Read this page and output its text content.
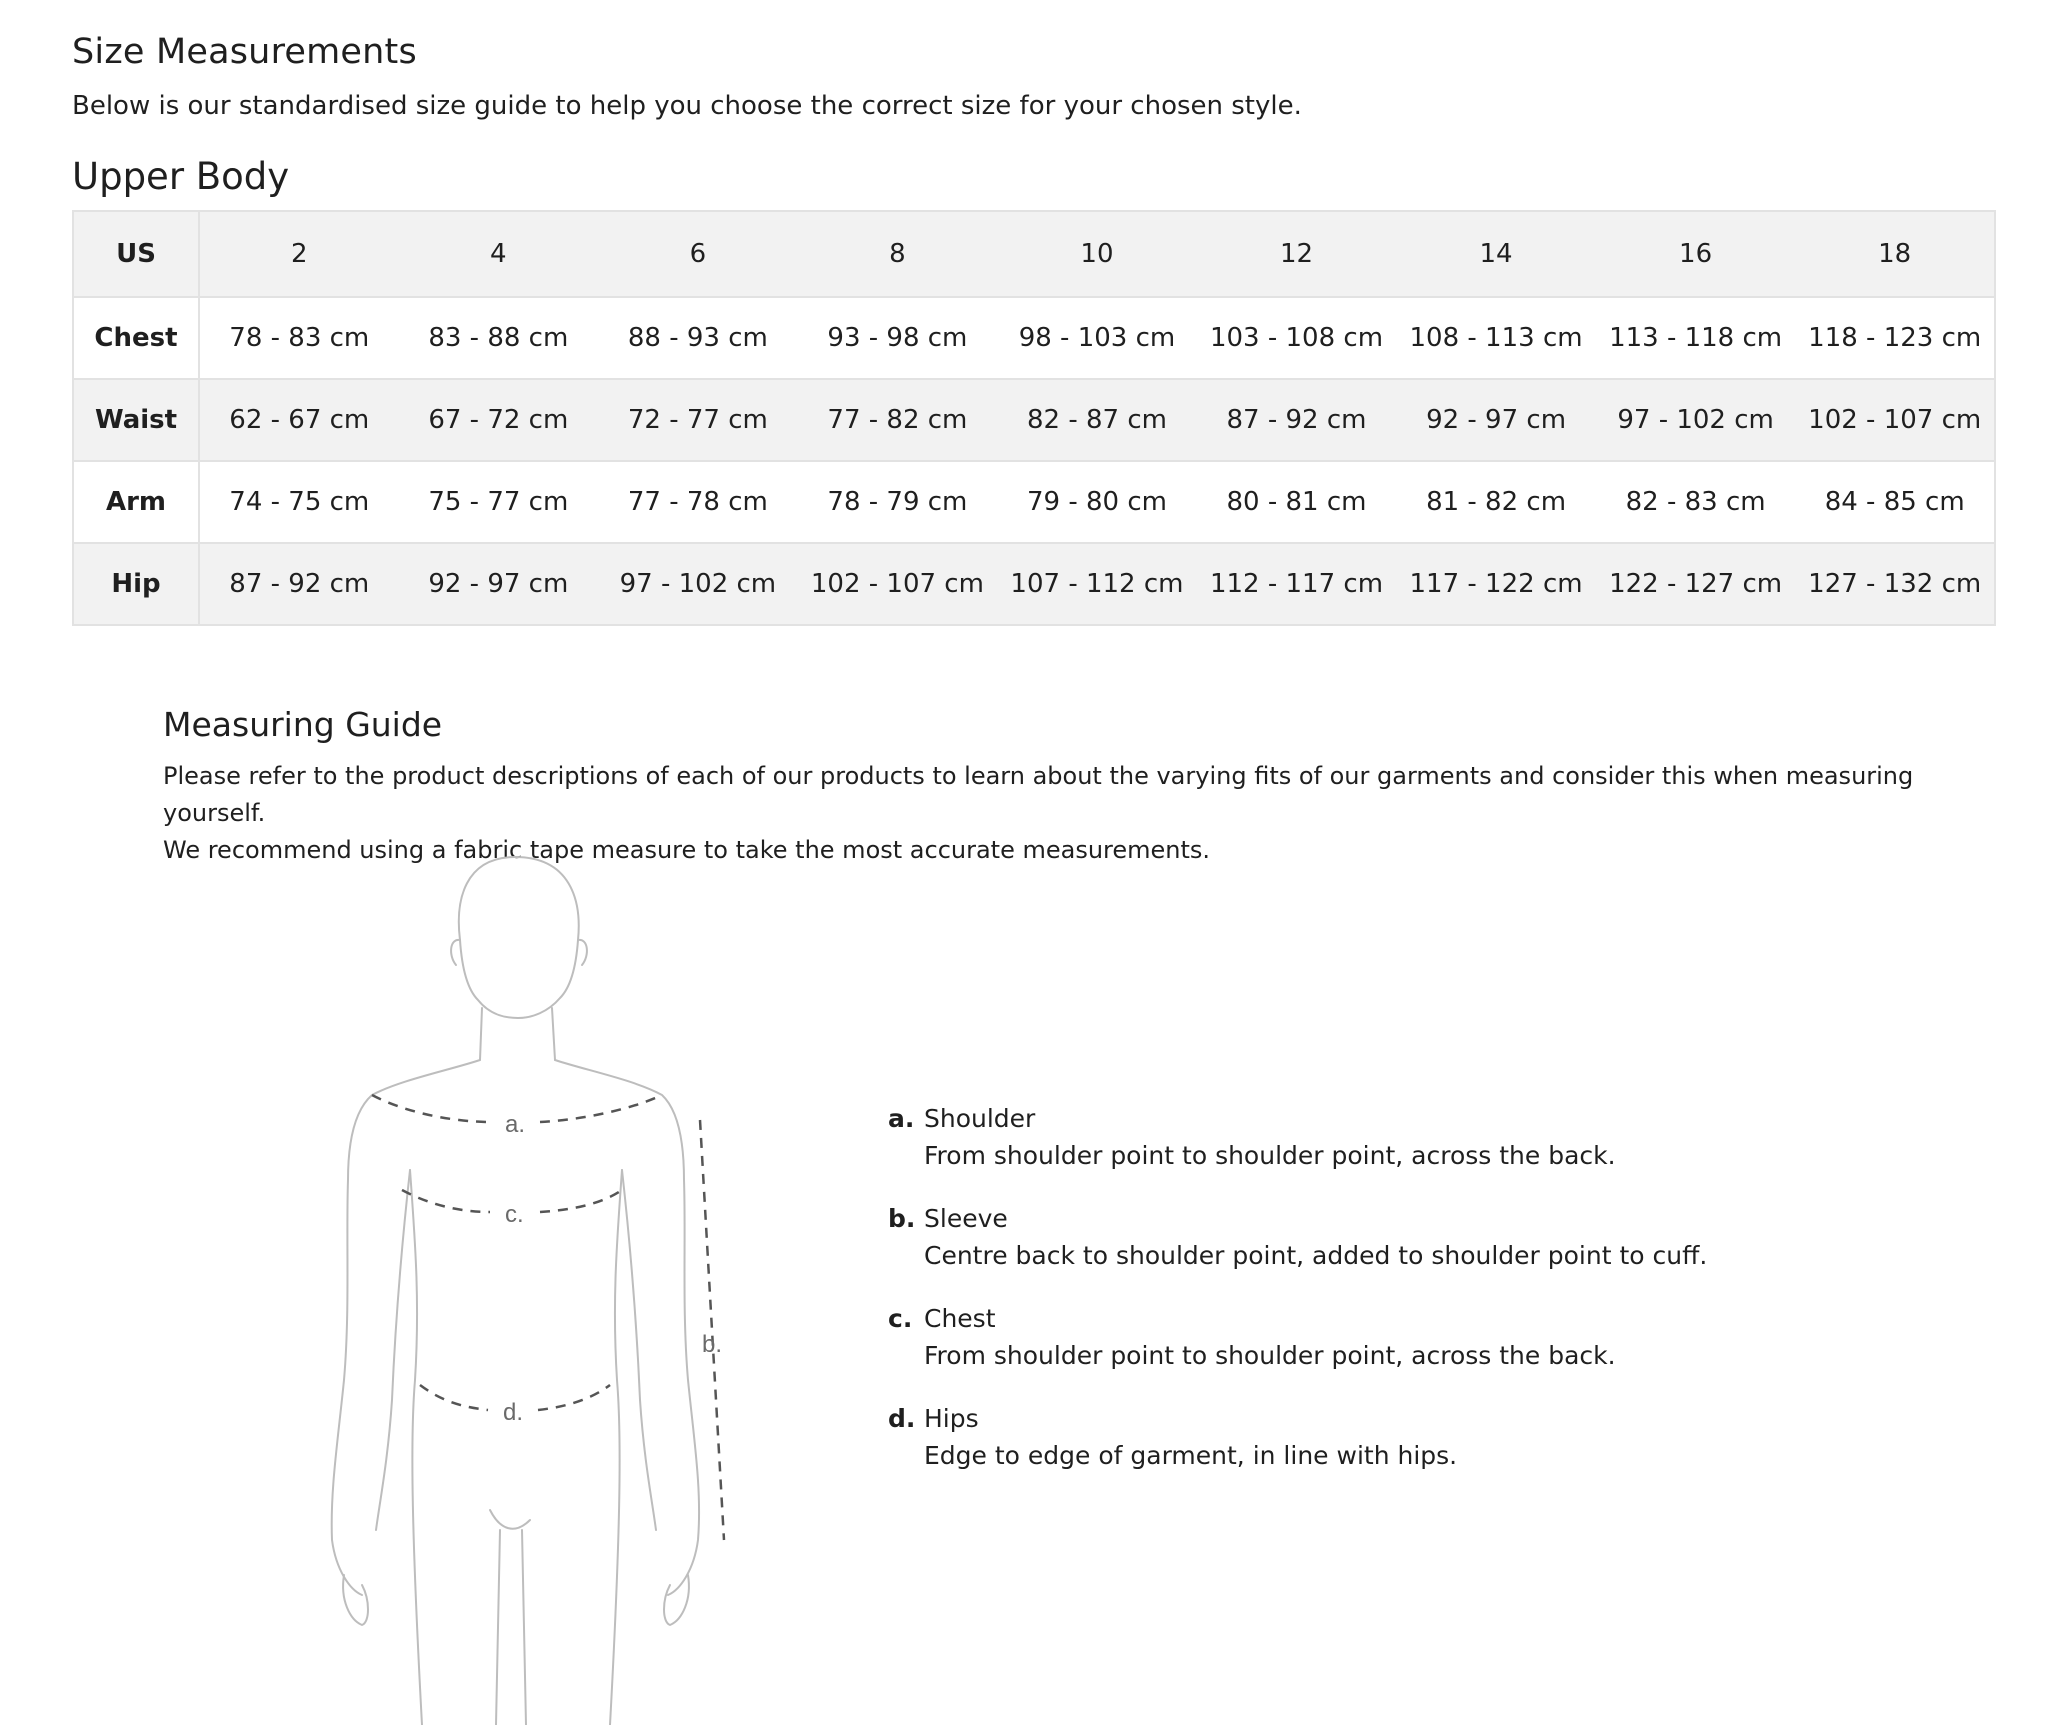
Size Measurements

Below is our standardised size guide to help you choose the correct size for your chosen style.

Upper Body
US	2	4	6	8	10	12	14	16	18
Chest	78 - 83 cm	83 - 88 cm	88 - 93 cm	93 - 98 cm	98 - 103 cm	103 - 108 cm	108 - 113 cm	113 - 118 cm	118 - 123 cm
Waist	62 - 67 cm	67 - 72 cm	72 - 77 cm	77 - 82 cm	82 - 87 cm	87 - 92 cm	92 - 97 cm	97 - 102 cm	102 - 107 cm
Arm	74 - 75 cm	75 - 77 cm	77 - 78 cm	78 - 79 cm	79 - 80 cm	80 - 81 cm	81 - 82 cm	82 - 83 cm	84 - 85 cm
Hip	87 - 92 cm	92 - 97 cm	97 - 102 cm	102 - 107 cm	107 - 112 cm	112 - 117 cm	117 - 122 cm	122 - 127 cm	127 - 132 cm
Measuring Guide

Please refer to the product descriptions of each of our products to learn about the varying fits of our garments and consider this when measuring yourself.

We recommend using a fabric tape measure to take the most accurate measurements.

a.
c.
d.
b.
a. Shoulder
From shoulder point to shoulder point, across the back.
b. Sleeve
Centre back to shoulder point, added to shoulder point to cuff.
c. Chest
From shoulder point to shoulder point, across the back.
d. Hips
Edge to edge of garment, in line with hips.
